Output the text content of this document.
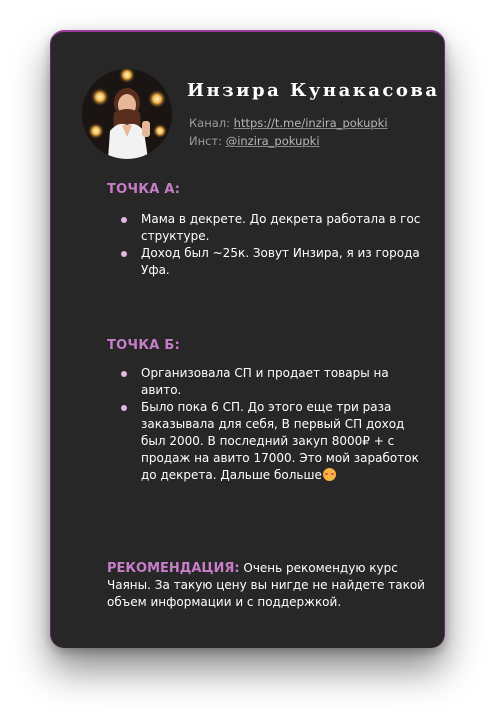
Инзира Кунакасова
Канал: https://t.me/inzira_pokupki
Инст: @inzira_pokupki
ТОЧКА А:
Мама в декрете. До декрета работала в гос структуре.
Доход был ~25к. Зовут Инзира, я из города Уфа.
ТОЧКА Б:
Организовала СП и продает товары на авито.
Было пока 6 СП. До этого еще три раза заказывала для себя, В первый СП доход был 2000. В последний закуп 8000₽ + с продаж на авито 17000. Это мой заработок до декрета. Дальше больше
РЕКОМЕНДАЦИЯ: Очень рекомендую курс Чаяны. За такую цену вы нигде не найдете такой объем информации и с поддержкой.
